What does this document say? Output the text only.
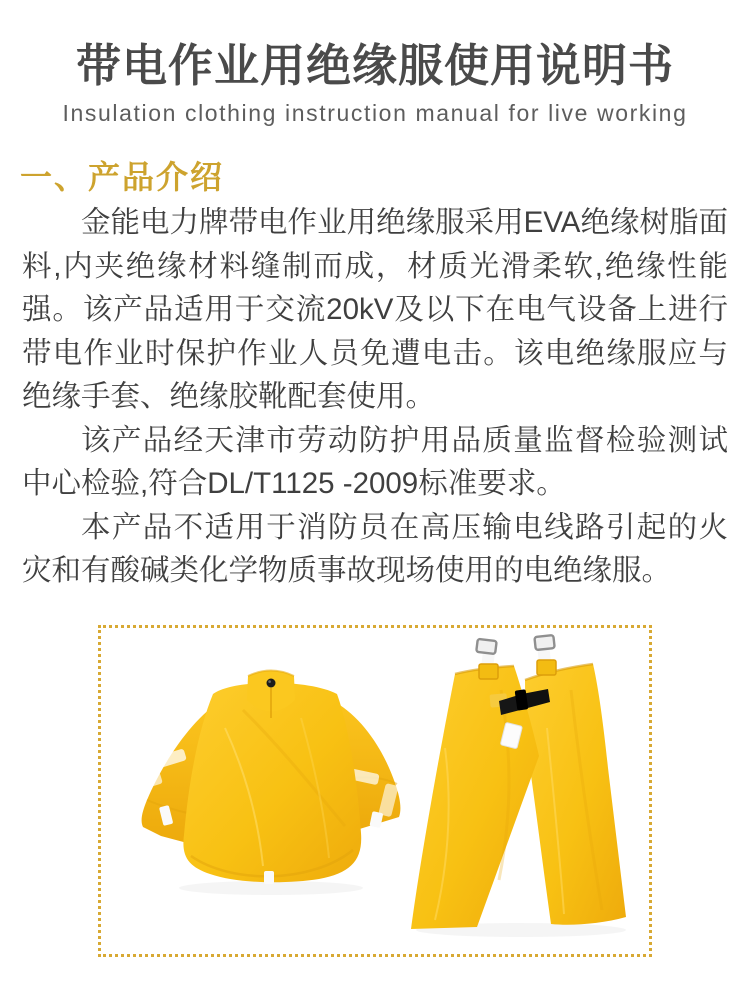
带电作业用绝缘服使用说明书
Insulation clothing instruction manual for live working
一、产品介绍

金能电力牌带电作业用绝缘服采用EVA绝缘树脂面料,内夹绝缘材料缝制而成，材质光滑柔软,绝缘性能强。该产品适用于交流20kV及以下在电气设备上进行带电作业时保护作业人员免遭电击。该电绝缘服应与绝缘手套、绝缘胶靴配套使用。

该产品经天津市劳动防护用品质量监督检验测试中心检验,符合DL/T1125 -2009标准要求。

本产品不适用于消防员在高压输电线路引起的火灾和有酸碱类化学物质事故现场使用的电绝缘服。
